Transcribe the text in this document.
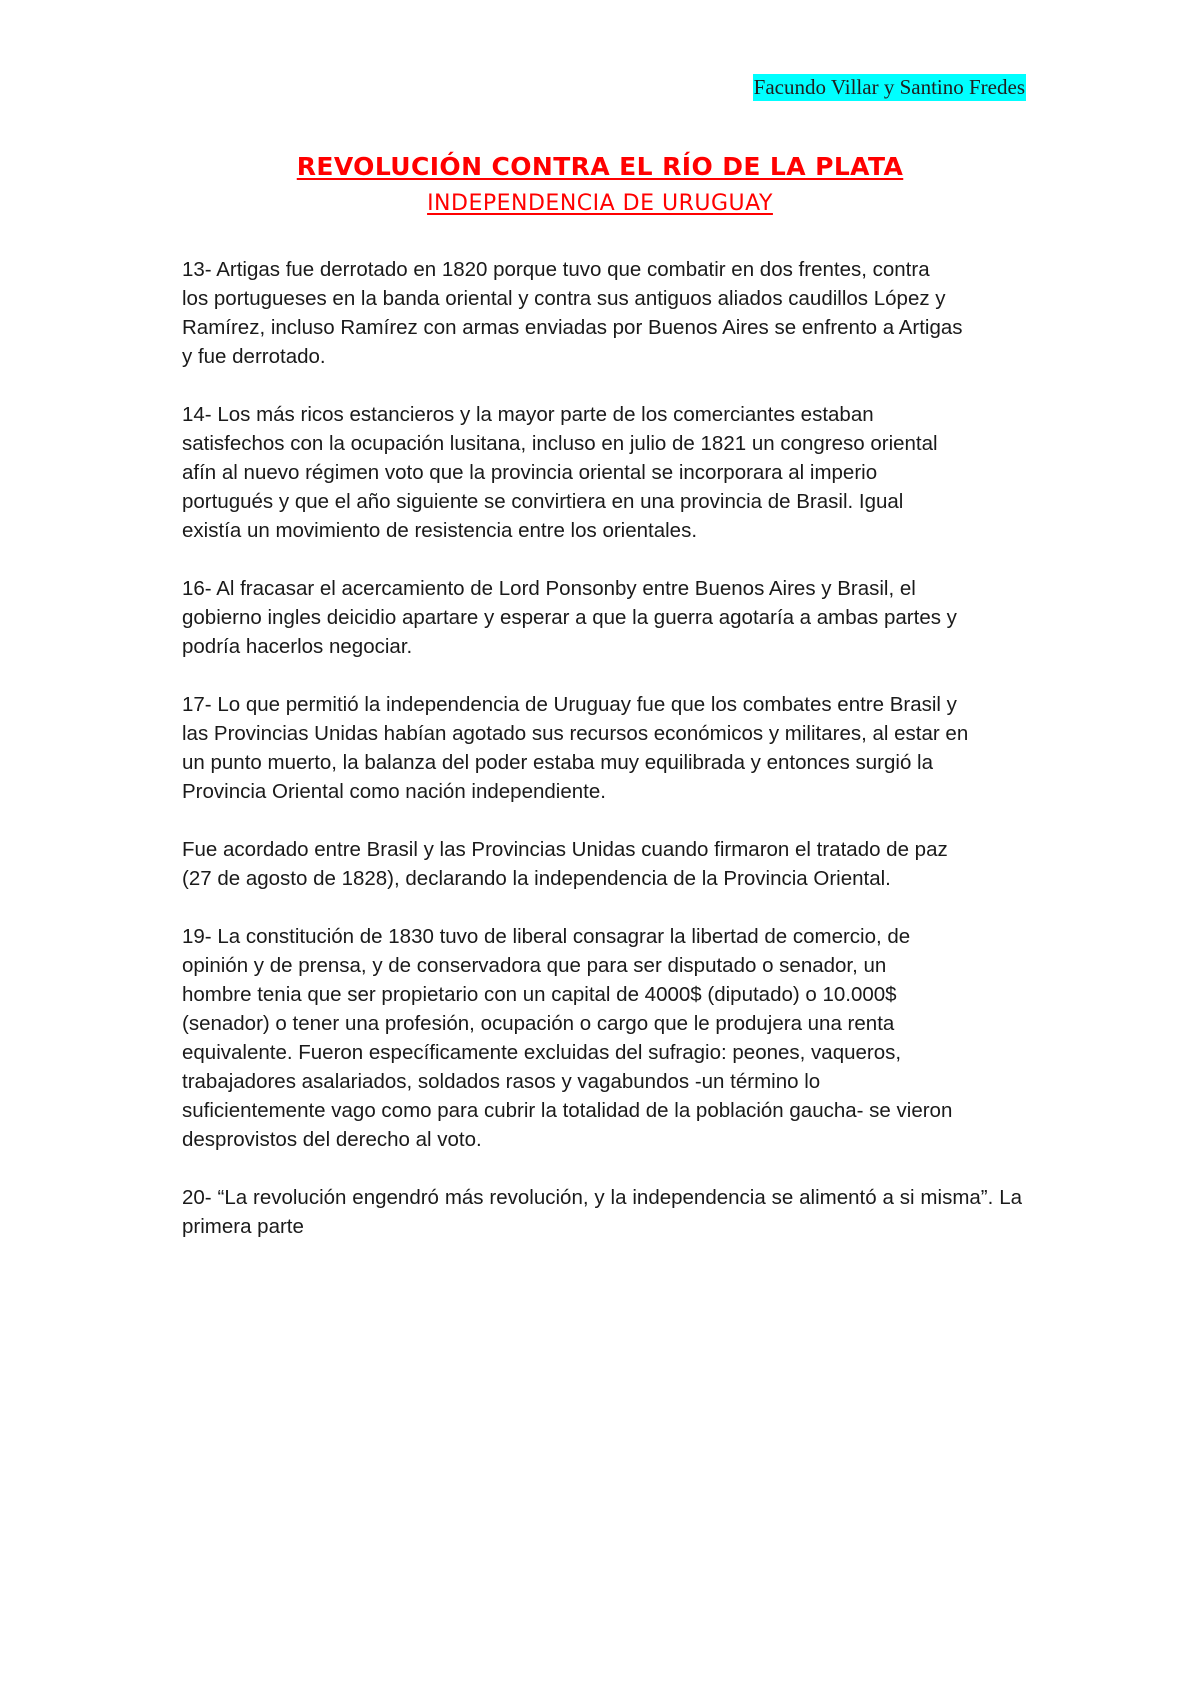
Facundo Villar y Santino Fredes
REVOLUCIÓN CONTRA EL RÍO DE LA PLATA
INDEPENDENCIA DE URUGUAY

13- Artigas fue derrotado en 1820 porque tuvo que combatir en dos frentes, contra
los portugueses en la banda oriental y contra sus antiguos aliados caudillos López y
Ramírez, incluso Ramírez con armas enviadas por Buenos Aires se enfrento a Artigas
y fue derrotado.

14- Los más ricos estancieros y la mayor parte de los comerciantes estaban
satisfechos con la ocupación lusitana, incluso en julio de 1821 un congreso oriental
afín al nuevo régimen voto que la provincia oriental se incorporara al imperio
portugués y que el año siguiente se convirtiera en una provincia de Brasil. Igual
existía un movimiento de resistencia entre los orientales.

16- Al fracasar el acercamiento de Lord Ponsonby entre Buenos Aires y Brasil, el
gobierno ingles deicidio apartare y esperar a que la guerra agotaría a ambas partes y
podría hacerlos negociar.

17- Lo que permitió la independencia de Uruguay fue que los combates entre Brasil y
las Provincias Unidas habían agotado sus recursos económicos y militares, al estar en
un punto muerto, la balanza del poder estaba muy equilibrada y entonces surgió la
Provincia Oriental como nación independiente.

Fue acordado entre Brasil y las Provincias Unidas cuando firmaron el tratado de paz
(27 de agosto de 1828), declarando la independencia de la Provincia Oriental.

19- La constitución de 1830 tuvo de liberal consagrar la libertad de comercio, de
opinión y de prensa, y de conservadora que para ser disputado o senador, un
hombre tenia que ser propietario con un capital de 4000$ (diputado) o 10.000$
(senador) o tener una profesión, ocupación o cargo que le produjera una renta
equivalente. Fueron específicamente excluidas del sufragio: peones, vaqueros,
trabajadores asalariados, soldados rasos y vagabundos -un término lo
suficientemente vago como para cubrir la totalidad de la población gaucha- se vieron
desprovistos del derecho al voto.

20- “La revolución engendró más revolución, y la independencia se alimentó a si misma”. La primera parte
